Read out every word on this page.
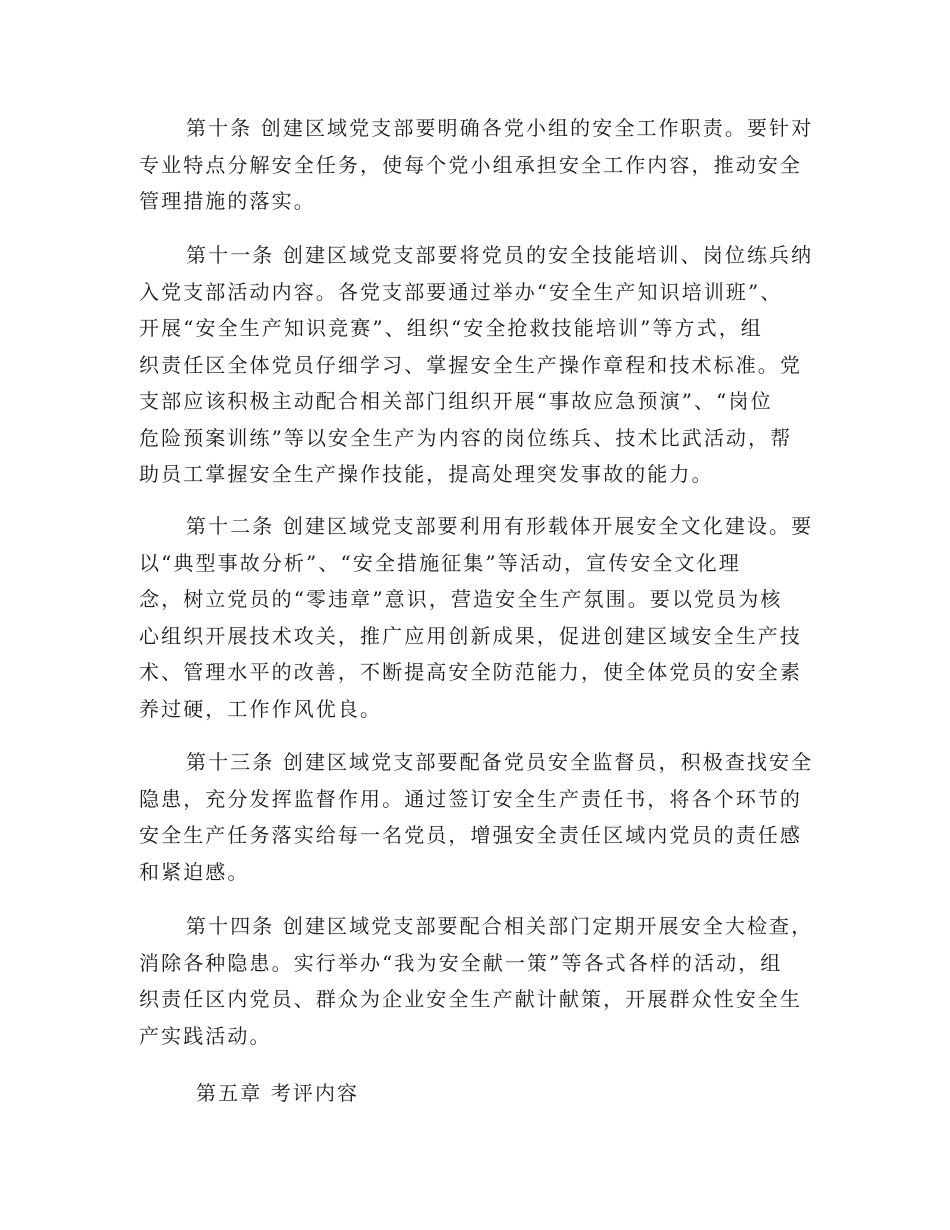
第十条 创建区域党支部要明确各党小组的安全工作职责。要针对
专业特点分解安全任务，使每个党小组承担安全工作内容，推动安全
管理措施的落实。
第十一条 创建区域党支部要将党员的安全技能培训、岗位练兵纳
入党支部活动内容。各党支部要通过举办“安全生产知识培训班”、
开展“安全生产知识竞赛”、组织“安全抢救技能培训”等方式，组
织责任区全体党员仔细学习、掌握安全生产操作章程和技术标准。党
支部应该积极主动配合相关部门组织开展“事故应急预演”、“岗位
危险预案训练”等以安全生产为内容的岗位练兵、技术比武活动，帮
助员工掌握安全生产操作技能，提高处理突发事故的能力。
第十二条 创建区域党支部要利用有形载体开展安全文化建设。要
以“典型事故分析”、“安全措施征集”等活动，宣传安全文化理
念，树立党员的“零违章”意识，营造安全生产氛围。要以党员为核
心组织开展技术攻关，推广应用创新成果，促进创建区域安全生产技
术、管理水平的改善，不断提高安全防范能力，使全体党员的安全素
养过硬，工作作风优良。
第十三条 创建区域党支部要配备党员安全监督员，积极查找安全
隐患，充分发挥监督作用。通过签订安全生产责任书，将各个环节的
安全生产任务落实给每一名党员，增强安全责任区域内党员的责任感
和紧迫感。
第十四条 创建区域党支部要配合相关部门定期开展安全大检查，
消除各种隐患。实行举办“我为安全献一策”等各式各样的活动，组
织责任区内党员、群众为企业安全生产献计献策，开展群众性安全生
产实践活动。
第五章 考评内容
